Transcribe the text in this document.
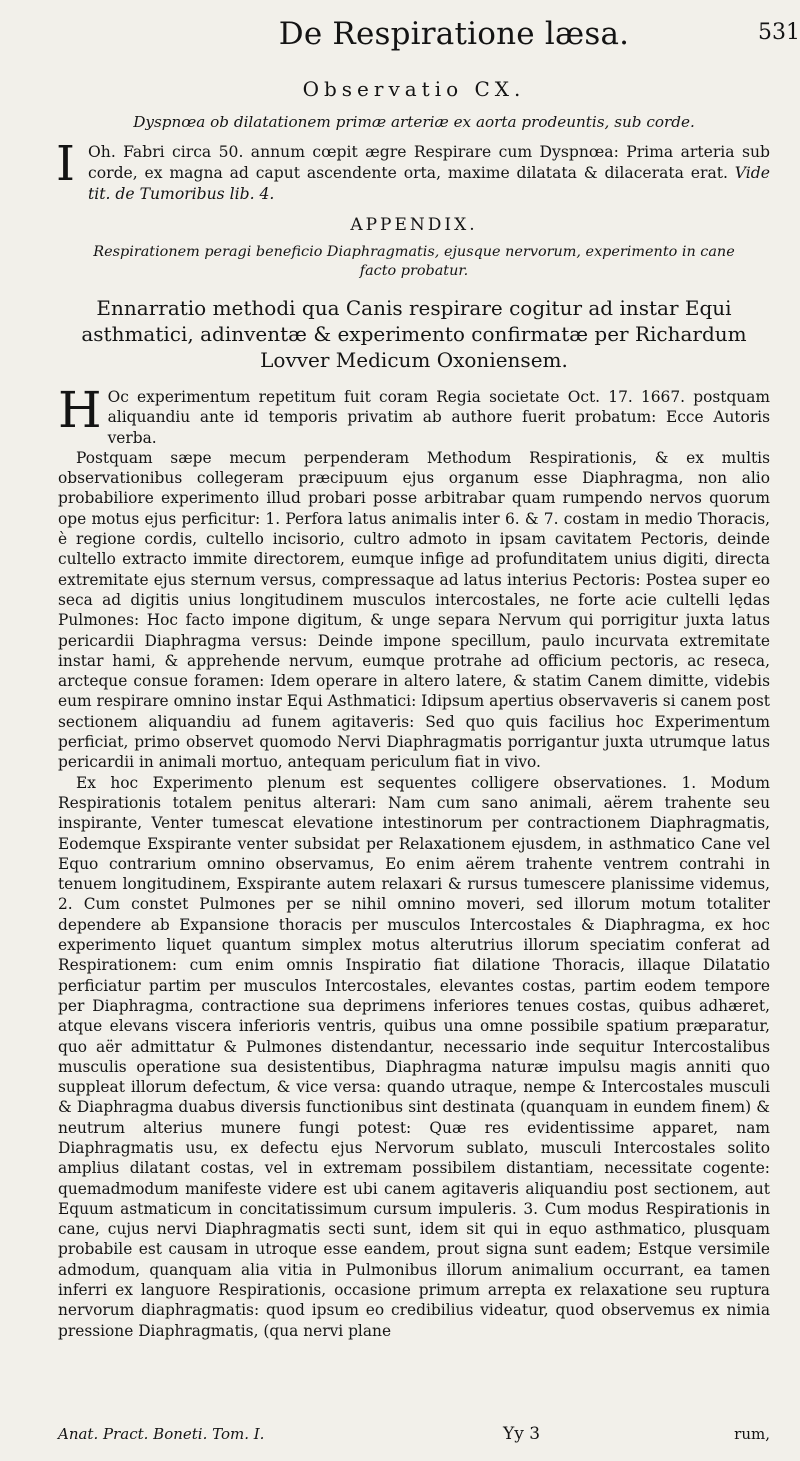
De Respiratione læsa.	531
Observatio CX.
Dyspnœa ob dilatationem primæ arteriæ ex aorta prodeuntis, sub corde.
I Oh. Fabri circa 50. annum cœpit ægre Respirare cum Dyspnœa: Prima arteria sub corde, ex magna ad caput ascendente orta, maxime dilatata & dilacerata erat. Vide tit. de Tumoribus lib. 4.
APPENDIX.
Respirationem peragi beneficio Diaphragmatis, ejusque nervorum, experimento in cane facto probatur.
Ennarratio methodi qua Canis respirare cogitur ad instar Equi asthmatici, adinventæ & experimento confirmatæ per Richardum Lovver Medicum Oxoniensem.
H Oc experimentum repetitum fuit coram Regia societate Oct. 17. 1667. postquam aliquandiu ante id temporis privatim ab authore fuerit probatum: Ecce Autoris verba.

Postquam sæpe mecum perpenderam Methodum Respirationis, & ex multis observationibus collegeram præcipuum ejus organum esse Diaphragma, non alio probabiliore experimento illud probari posse arbitrabar quam rumpendo nervos quorum ope motus ejus perficitur: 1. Perfora latus animalis inter 6. & 7. costam in medio Thoracis, è regione cordis, cultello incisorio, cultro admoto in ipsam cavitatem Pectoris, deinde cultello extracto immite directorem, eumque infige ad profunditatem unius digiti, directa extremitate ejus sternum versus, compressaque ad latus interius Pectoris: Postea super eo seca ad digitis unius longitudinem musculos intercostales, ne forte acie cultelli lędas Pulmones: Hoc facto impone digitum, & unge separa Nervum qui porrigitur juxta latus pericardii Diaphragma versus: Deinde impone specillum, paulo incurvata extremitate instar hami, & apprehende nervum, eumque protrahe ad officium pectoris, ac reseca, arcteque consue foramen: Idem operare in altero latere, & statim Canem dimitte, videbis eum respirare omnino instar Equi Asthmatici: Idipsum apertius observaveris si canem post sectionem aliquandiu ad funem agitaveris: Sed quo quis facilius hoc Experimentum perficiat, primo observet quomodo Nervi Diaphragmatis porrigantur juxta utrumque latus pericardii in animali mortuo, antequam periculum fiat in vivo.

Ex hoc Experimento plenum est sequentes colligere observationes. 1. Modum Respirationis totalem penitus alterari: Nam cum sano animali, aërem trahente seu inspirante, Venter tumescat elevatione intestinorum per contractionem Diaphragmatis, Eodemque Exspirante venter subsidat per Relaxationem ejusdem, in asthmatico Cane vel Equo contrarium omnino observamus, Eo enim aërem trahente ventrem contrahi in tenuem longitudinem, Exspirante autem relaxari & rursus tumescere planissime videmus, 2. Cum constet Pulmones per se nihil omnino moveri, sed illorum motum totaliter dependere ab Expansione thoracis per musculos Intercostales & Diaphragma, ex hoc experimento liquet quantum simplex motus alterutrius illorum speciatim conferat ad Respirationem: cum enim omnis Inspiratio fiat dilatione Thoracis, illaque Dilatatio perficiatur partim per musculos Intercostales, elevantes costas, partim eodem tempore per Diaphragma, contractione sua deprimens inferiores tenues costas, quibus adhæret, atque elevans viscera inferioris ventris, quibus una omne possibile spatium præparatur, quo aër admittatur & Pulmones distendantur, necessario inde sequitur Intercostalibus musculis operatione sua desistentibus, Diaphragma naturæ impulsu magis anniti quo suppleat illorum defectum, & vice versa: quando utraque, nempe & Intercostales musculi & Diaphragma duabus diversis functionibus sint destinata (quanquam in eundem finem) & neutrum alterius munere fungi potest: Quæ res evidentissime apparet, nam Diaphragmatis usu, ex defectu ejus Nervorum sublato, musculi Intercostales solito amplius dilatant costas, vel in extremam possibilem distantiam, necessitate cogente: quemadmodum manifeste videre est ubi canem agitaveris aliquandiu post sectionem, aut Equum astmaticum in concitatissimum cursum impuleris. 3. Cum modus Respirationis in cane, cujus nervi Diaphragmatis secti sunt, idem sit qui in equo asthmatico, plusquam probabile est causam in utroque esse eandem, prout signa sunt eadem; Estque versimile admodum, quanquam alia vitia in Pulmonibus illorum animalium occurrant, ea tamen inferri ex languore Respirationis, occasione primum arrepta ex relaxatione seu ruptura nervorum diaphragmatis: quod ipsum eo credibilius videatur, quod observemus ex nimia pressione Diaphragmatis, (qua nervi plane

Anat. Pract. Boneti. Tom. I.	Yy 3	rum,
